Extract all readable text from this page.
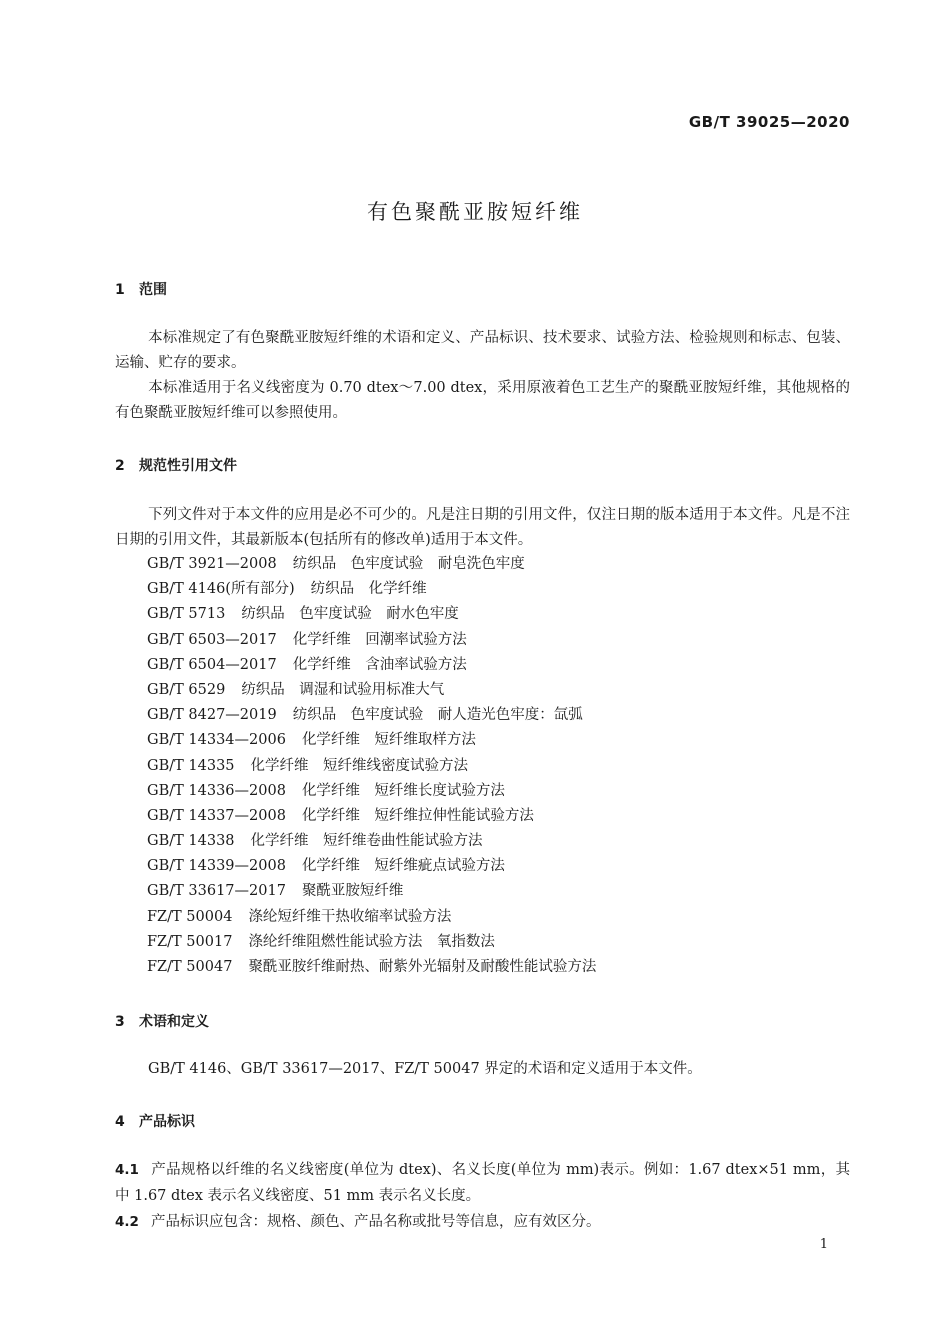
GB/T 39025—2020
有色聚酰亚胺短纤维
1 范围
本标准规定了有色聚酰亚胺短纤维的术语和定义、产品标识、技术要求、试验方法、检验规则和标志、包装、运输、贮存的要求。
本标准适用于名义线密度为 0.70 dtex～7.00 dtex，采用原液着色工艺生产的聚酰亚胺短纤维，其他规格的有色聚酰亚胺短纤维可以参照使用。
2 规范性引用文件
下列文件对于本文件的应用是必不可少的。凡是注日期的引用文件，仅注日期的版本适用于本文件。凡是不注日期的引用文件，其最新版本(包括所有的修改单)适用于本文件。
GB/T 3921—2008 纺织品　色牢度试验　耐皂洗色牢度
GB/T 4146(所有部分) 纺织品　化学纤维
GB/T 5713 纺织品　色牢度试验　耐水色牢度
GB/T 6503—2017 化学纤维　回潮率试验方法
GB/T 6504—2017 化学纤维　含油率试验方法
GB/T 6529 纺织品　调湿和试验用标准大气
GB/T 8427—2019 纺织品　色牢度试验　耐人造光色牢度：氙弧
GB/T 14334—2006 化学纤维　短纤维取样方法
GB/T 14335 化学纤维　短纤维线密度试验方法
GB/T 14336—2008 化学纤维　短纤维长度试验方法
GB/T 14337—2008 化学纤维　短纤维拉伸性能试验方法
GB/T 14338 化学纤维　短纤维卷曲性能试验方法
GB/T 14339—2008 化学纤维　短纤维疵点试验方法
GB/T 33617—2017 聚酰亚胺短纤维
FZ/T 50004 涤纶短纤维干热收缩率试验方法
FZ/T 50017 涤纶纤维阻燃性能试验方法　氧指数法
FZ/T 50047 聚酰亚胺纤维耐热、耐紫外光辐射及耐酸性能试验方法
3 术语和定义
GB/T 4146、GB/T 33617—2017、FZ/T 50047 界定的术语和定义适用于本文件。
4 产品标识
4.1 产品规格以纤维的名义线密度(单位为 dtex)、名义长度(单位为 mm)表示。例如：1.67 dtex×51 mm，其中 1.67 dtex 表示名义线密度、51 mm 表示名义长度。
4.2 产品标识应包含：规格、颜色、产品名称或批号等信息，应有效区分。
1
